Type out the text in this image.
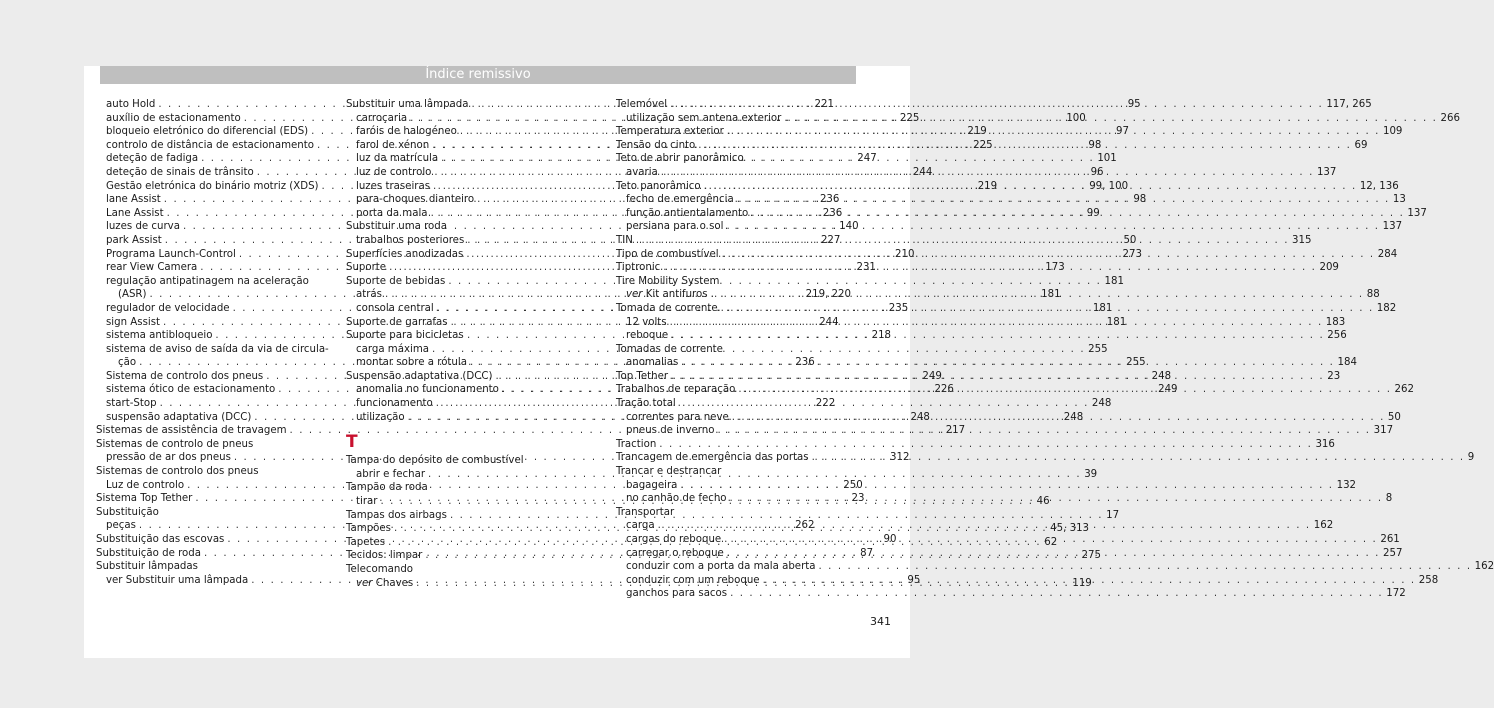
Índice remissivo
auto Hold . . .	221
auxílio de estacionamento . . .	225
bloqueio eletrónico do diferencial (EDS) . . .	219
controlo de distância de estacionamento . . .	225
deteção de fadiga . . .	247
deteção de sinais de trânsito . . .	244
Gestão eletrónica do binário motriz (XDS) . . .	219
lane Assist . . .	236
Lane Assist . . .	236
luzes de curva . . .	140
park Assist . . .	227
Programa Launch-Control . . .	210
rear View Camera . . .	231
regulação antipatinagem na aceleração
(ASR) . . .	219, 220
regulador de velocidade . . .	235
sign Assist . . .	244
sistema antibloqueio . . .	218
sistema de aviso de saída da via de circula-
ção . . .	236
Sistema de controlo dos pneus . . .	249
sistema ótico de estacionamento . . .	226
start-Stop . . .	222
suspensão adaptativa (DCC) . . .	248
Sistemas de assistência de travagem . . .	217
Sistemas de controlo de pneus
pressão de ar dos pneus . . .	312
Sistemas de controlo dos pneus
Luz de controlo . . .	250
Sistema Top Tether . . .	23
Substituição
peças . . .	262
Substituição das escovas . . .	90
Substituição de roda . . .	87
Substituir lâmpadas
ver Substituir uma lâmpada . . .	95
Substituir uma lâmpada . . .	95
carroçaria . . .	100
faróis de halogéneo . . .	97
farol de xénon . . .	98
luz da matrícula . . .	101
luz de controlo . . .	96
luzes traseiras . . .	99, 100
para-choques dianteiro . . .	98
porta da mala . . .	99
Substituir uma roda
trabalhos posteriores . . .	50
Superfícies anodizadas . . .	273
Suporte . . .	173
Suporte de bebidas . . .	181
atrás . . .	181
consola central . . .	181
Suporte de garrafas . . .	181
Suporte para bicicletas
carga máxima . . .	255
montar sobre a rótula . . .	255
Suspensão adaptativa (DCC) . . .	248
anomalia no funcionamento . . .	249
funcionamento . . .	248
utilização . . .	248
T
Tampa do depósito de combustível
abrir e fechar . . .	39
Tampão da roda
tirar . . .	46
Tampas dos airbags . . .	17
Tampões . . .	45, 313
Tapetes . . .	62
Tecidos: limpar . . .	275
Telecomando
ver Chaves . . .	119
Telemóvel . . .	117, 265
utilização sem antena exterior . . .	266
Temperatura exterior . . .	109
Tensão do cinto . . .	69
Teto de abrir panorâmico
avaria . . .	137
Teto panorâmico . . .	12, 136
fecho de emergência . . .	13
função antientalamento . . .	137
persiana para o sol . . .	137
TIN . . .	315
Tipo de combustível . . .	284
Tiptronic . . .	209
Tire Mobility System
ver Kit antifuros . . .	88
Tomada de corrente . . .	182
12 volts . . .	183
reboque . . .	256
Tomadas de corrente
anomalias . . .	184
Top Tether . . .	23
Trabalhos de reparação . . .	262
Tração total
correntes para neve . . .	50
pneus de inverno . . .	317
Traction . . .	316
Trancagem de emergência das portas . . .	9
Trancar e destrancar
bagageira . . .	132
no canhão de fecho . . .	8
Transportar
carga . . .	162
cargas do reboque . . .	261
carregar o reboque . . .	257
conduzir com a porta da mala aberta . . .	162
conduzir com um reboque . . .	258
ganchos para sacos . . .	172
341
